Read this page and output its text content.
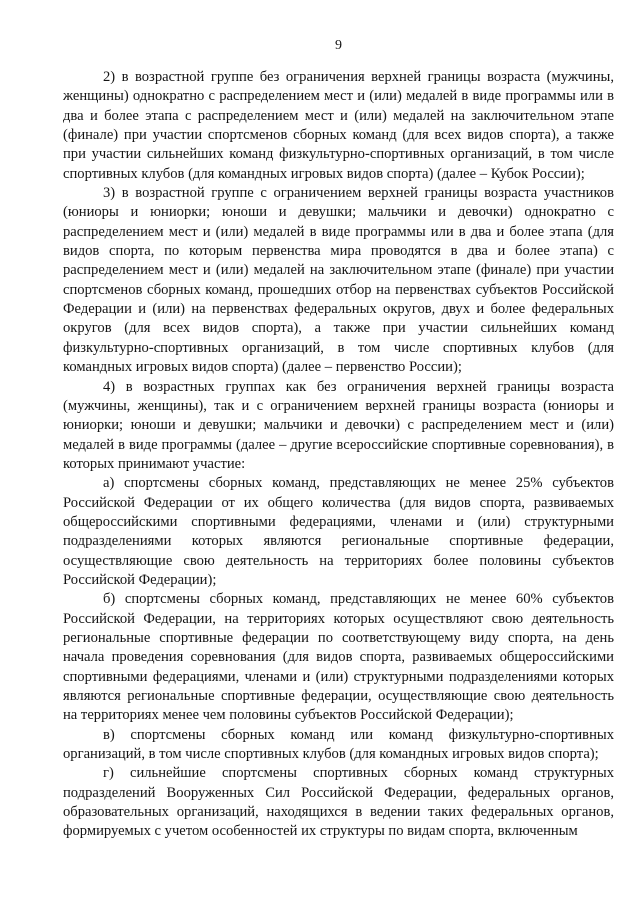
9

2) в возрастной группе без ограничения верхней границы возраста (мужчины, женщины) однократно с распределением мест и (или) медалей в виде программы или в два и более этапа с распределением мест и (или) медалей на заключительном этапе (финале) при участии спортсменов сборных команд (для всех видов спорта), а также при участии сильнейших команд физкультурно-спортивных организаций, в том числе спортивных клубов (для командных игровых видов спорта) (далее – Кубок России);

3) в возрастной группе с ограничением верхней границы возраста участников (юниоры и юниорки; юноши и девушки; мальчики и девочки) однократно с распределением мест и (или) медалей в виде программы или в два и более этапа (для видов спорта, по которым первенства мира проводятся в два и более этапа) с распределением мест и (или) медалей на заключительном этапе (финале) при участии спортсменов сборных команд, прошедших отбор на первенствах субъектов Российской Федерации и (или) на первенствах федеральных округов, двух и более федеральных округов (для всех видов спорта), а также при участии сильнейших команд физкультурно-спортивных организаций, в том числе спортивных клубов (для командных игровых видов спорта) (далее – первенство России);

4) в возрастных группах как без ограничения верхней границы возраста (мужчины, женщины), так и с ограничением верхней границы возраста (юниоры и юниорки; юноши и девушки; мальчики и девочки) с распределением мест и (или) медалей в виде программы (далее – другие всероссийские спортивные соревнования), в которых принимают участие:

а) спортсмены сборных команд, представляющих не менее 25% субъектов Российской Федерации от их общего количества (для видов спорта, развиваемых общероссийскими спортивными федерациями, членами и (или) структурными подразделениями которых являются региональные спортивные федерации, осуществляющие свою деятельность на территориях более половины субъектов Российской Федерации);

б) спортсмены сборных команд, представляющих не менее 60% субъектов Российской Федерации, на территориях которых осуществляют свою деятельность региональные спортивные федерации по соответствующему виду спорта, на день начала проведения соревнования (для видов спорта, развиваемых общероссийскими спортивными федерациями, членами и (или) структурными подразделениями которых являются региональные спортивные федерации, осуществляющие свою деятельность на территориях менее чем половины субъектов Российской Федерации);

в) спортсмены сборных команд или команд физкультурно-спортивных организаций, в том числе спортивных клубов (для командных игровых видов спорта);

г) сильнейшие спортсмены спортивных сборных команд структурных подразделений Вооруженных Сил Российской Федерации, федеральных органов, образовательных организаций, находящихся в ведении таких федеральных органов, формируемых с учетом особенностей их структуры по видам спорта, включенным
